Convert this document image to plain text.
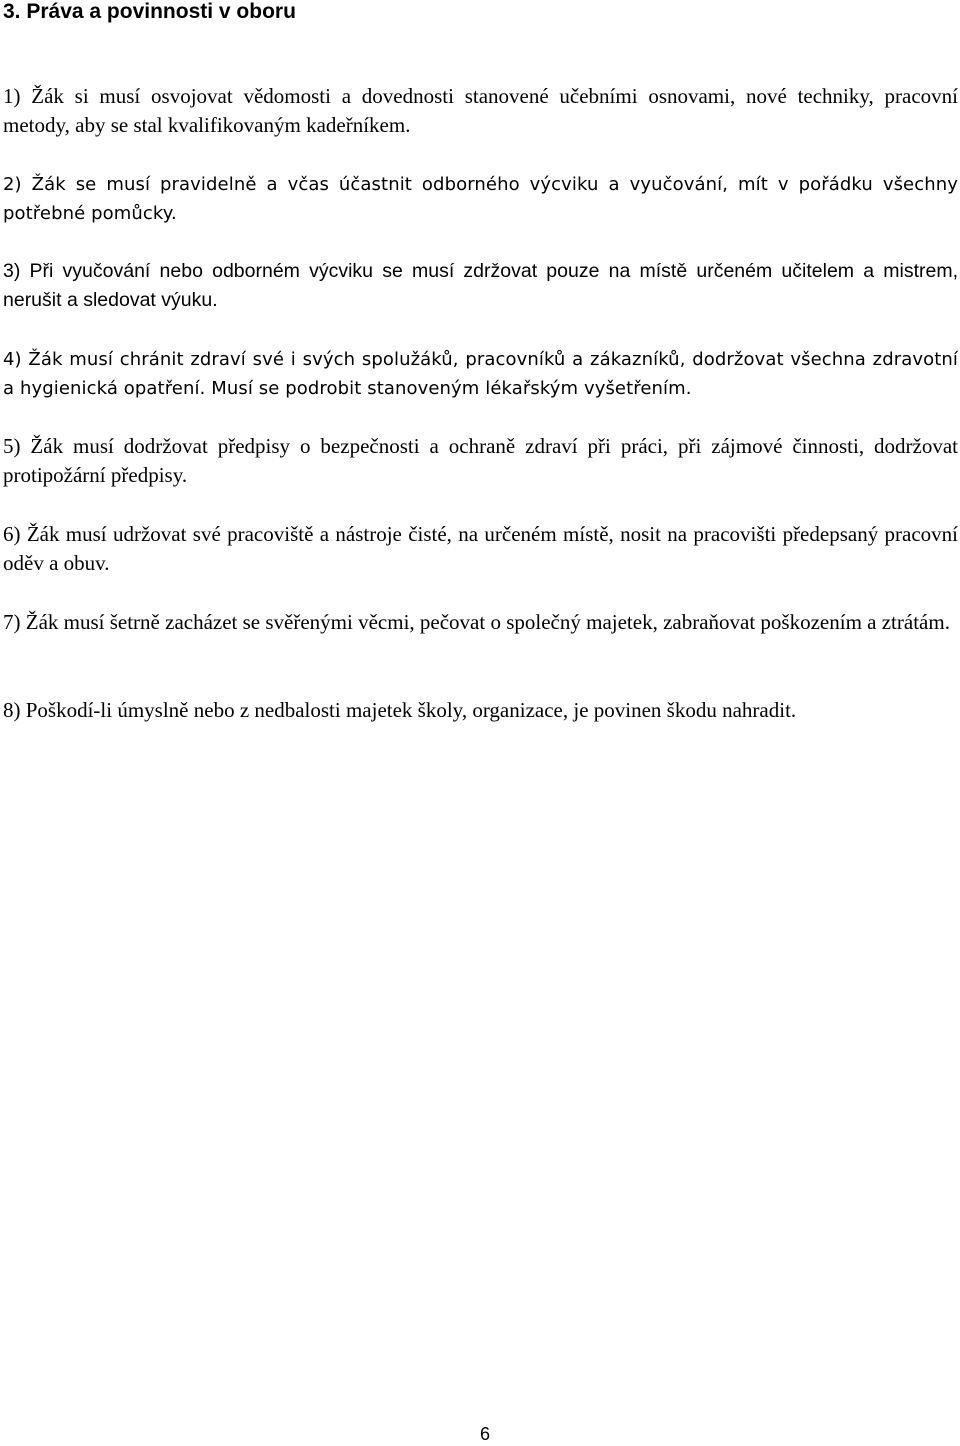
3. Práva a povinnosti v oboru

1) Žák si musí osvojovat vědomosti a dovednosti stanovené učebními osnovami, nové techniky, pracovní metody, aby se stal kvalifikovaným kadeřníkem.

2) Žák se musí pravidelně a včas účastnit odborného výcviku a vyučování, mít v pořádku všechny potřebné pomůcky.

3) Při vyučování nebo odborném výcviku se musí zdržovat pouze na místě určeném učitelem a mistrem, nerušit a sledovat výuku.

4) Žák musí chránit zdraví své i svých spolužáků, pracovníků a zákazníků, dodržovat všechna zdravotní a hygienická opatření. Musí se podrobit stanoveným lékařským vyšetřením.

5) Žák musí dodržovat předpisy o bezpečnosti a ochraně zdraví při práci, při zájmové činnosti, dodržovat protipožární předpisy.

6) Žák musí udržovat své pracoviště a nástroje čisté, na určeném místě, nosit na pracovišti předepsaný pracovní oděv a obuv.

7) Žák musí šetrně zacházet se svěřenými věcmi, pečovat o společný majetek, zabraňovat poškozením a ztrátám.

8) Poškodí-li úmyslně nebo z nedbalosti majetek školy, organizace, je povinen škodu nahradit.

6
